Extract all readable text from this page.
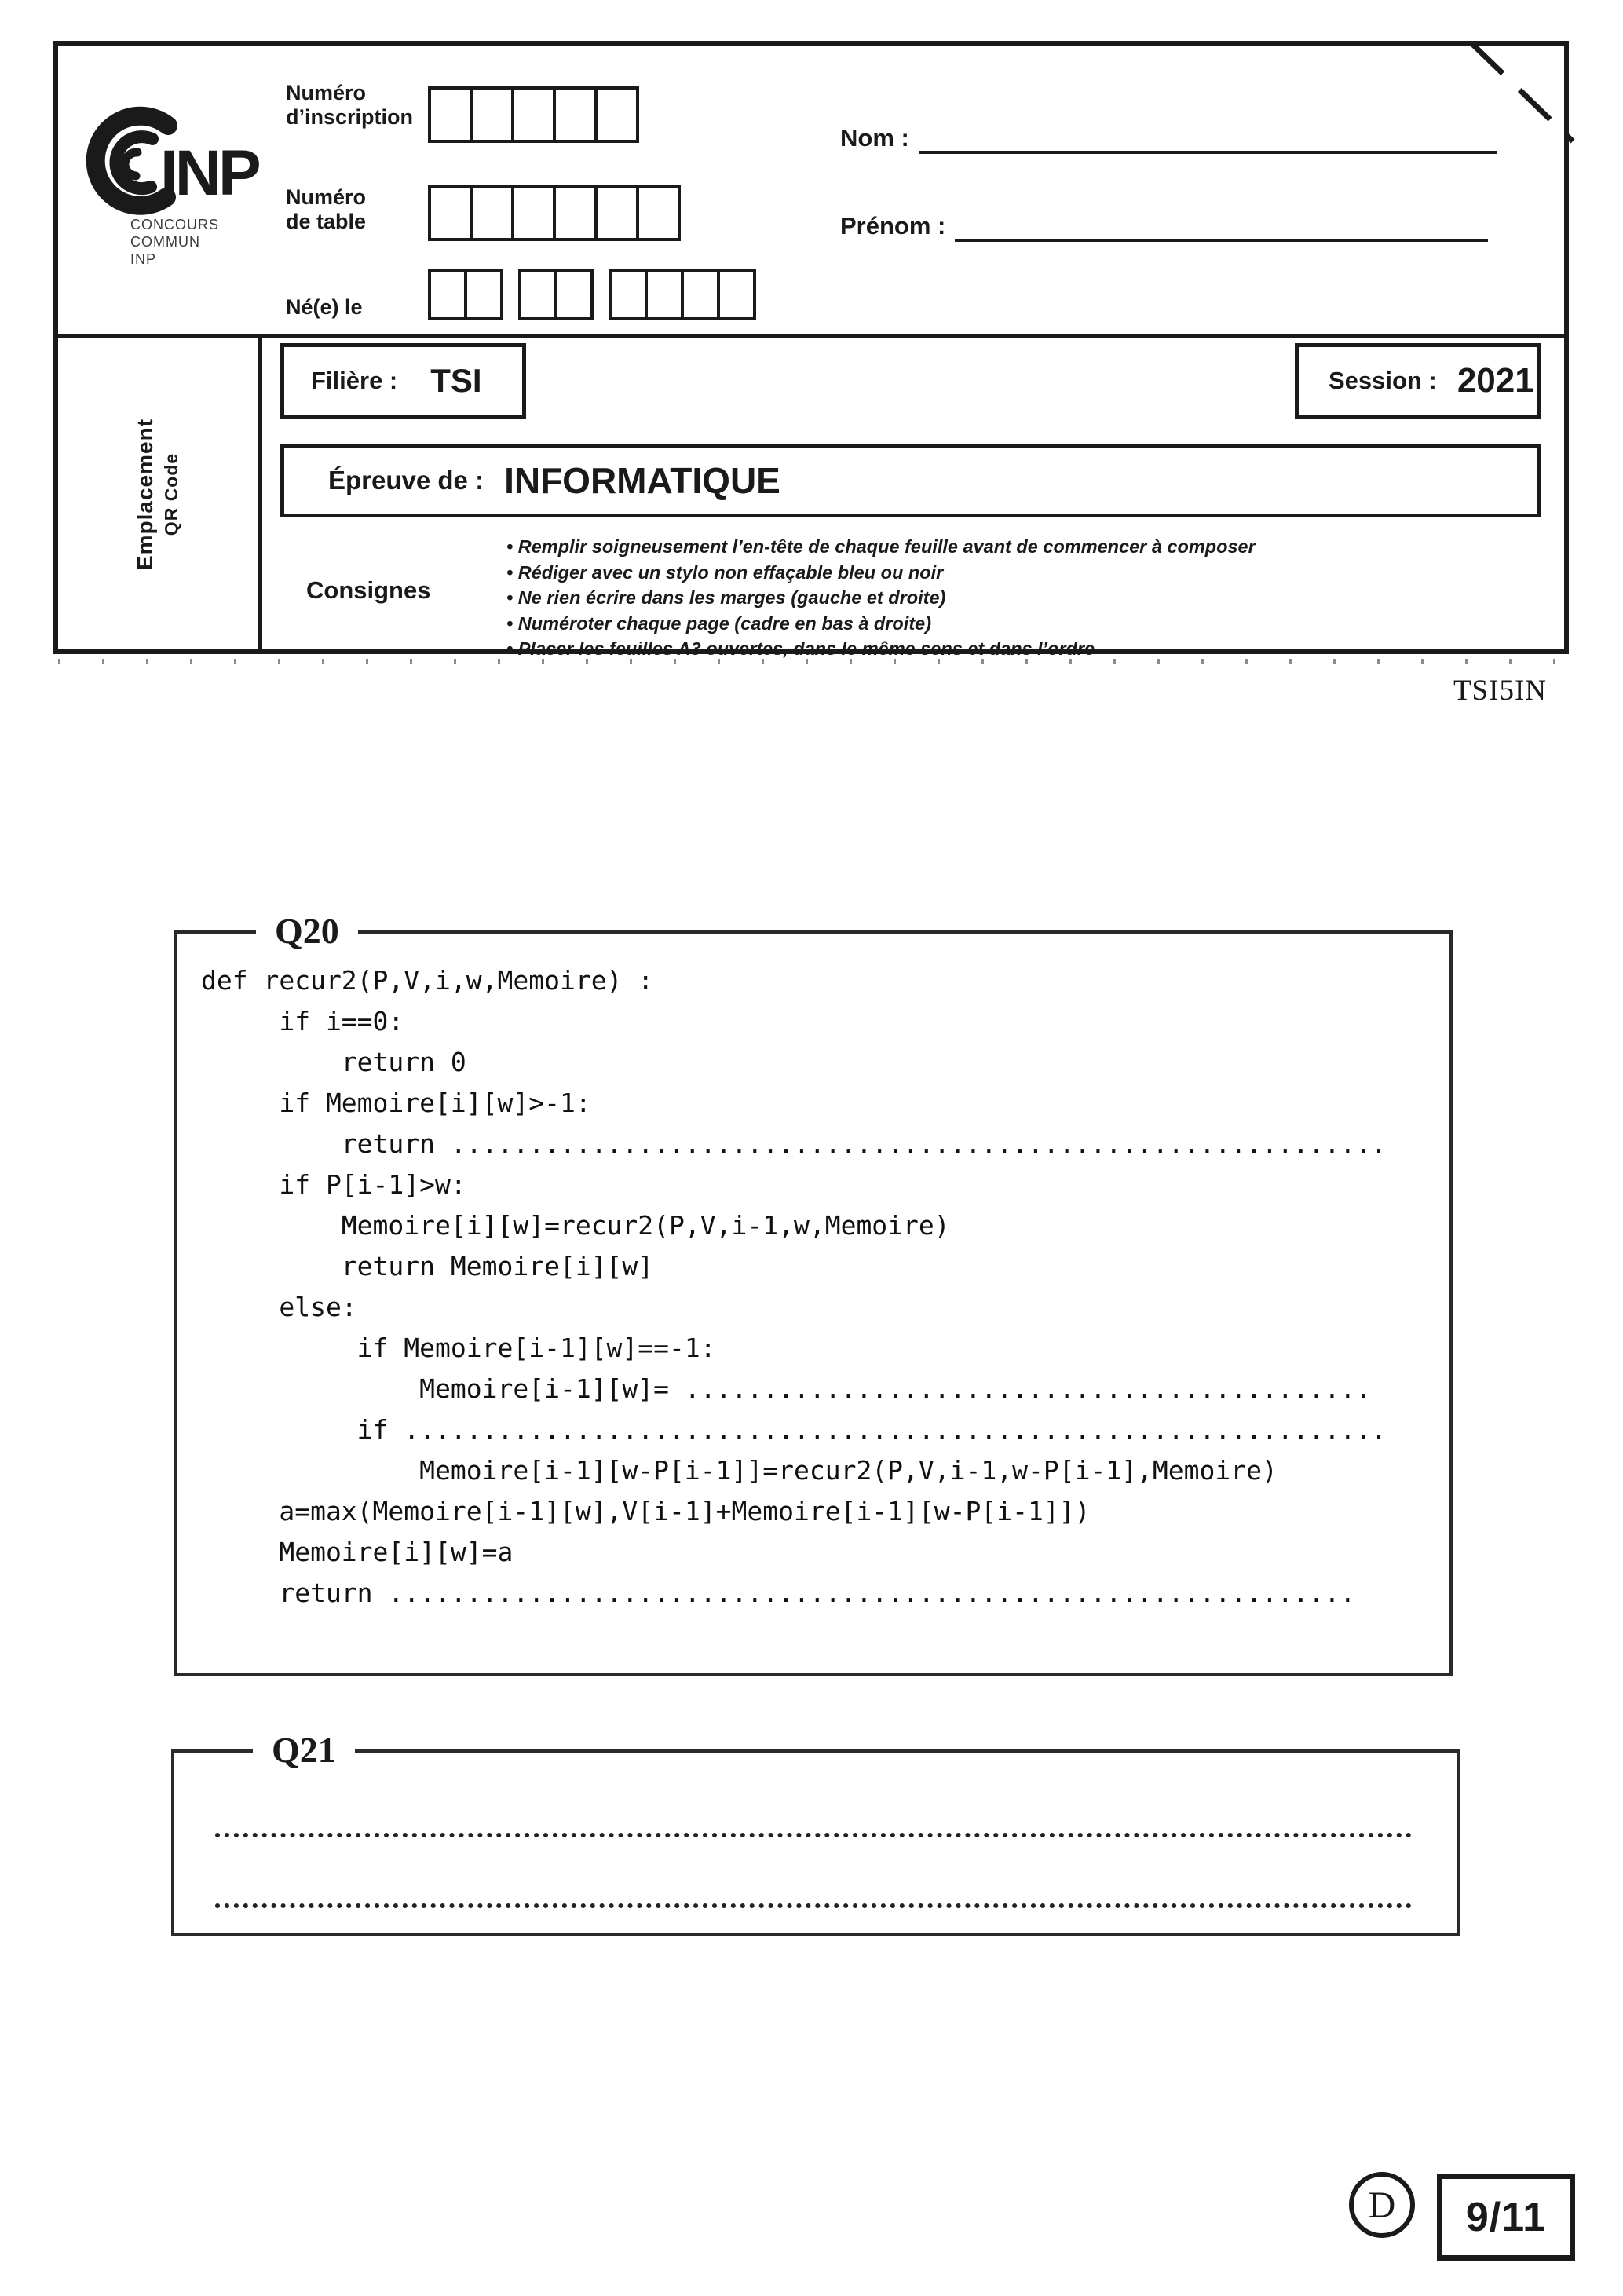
INP
CONCOURS
COMMUN
INP
Numéro
d’inscription
Numéro
de table
Né(e) le
Nom :
Prénom :
Emplacement QR Code
Filière : TSI	Session : 2021
Épreuve de : INFORMATIQUE
Consignes
• Remplir soigneusement l’en-tête de chaque feuille avant de commencer à composer
• Rédiger avec un stylo non effaçable bleu ou noir
• Ne rien écrire dans les marges (gauche et droite)
• Numéroter chaque page (cadre en bas à droite)
• Placer les feuilles A3 ouvertes, dans le même sens et dans l’ordre
TSI5IN
Q20
def recur2(P,V,i,w,Memoire) :
if i==0:
return 0
if Memoire[i][w]>-1:
return ............................................................
if P[i-1]>w:
Memoire[i][w]=recur2(P,V,i-1,w,Memoire)
return Memoire[i][w]
else:
if Memoire[i-1][w]==-1:
Memoire[i-1][w]= ............................................
if ...............................................................
Memoire[i-1][w-P[i-1]]=recur2(P,V,i-1,w-P[i-1],Memoire)
a=max(Memoire[i-1][w],V[i-1]+Memoire[i-1][w-P[i-1]])
Memoire[i][w]=a
return ..............................................................
Q21
D 9/11
